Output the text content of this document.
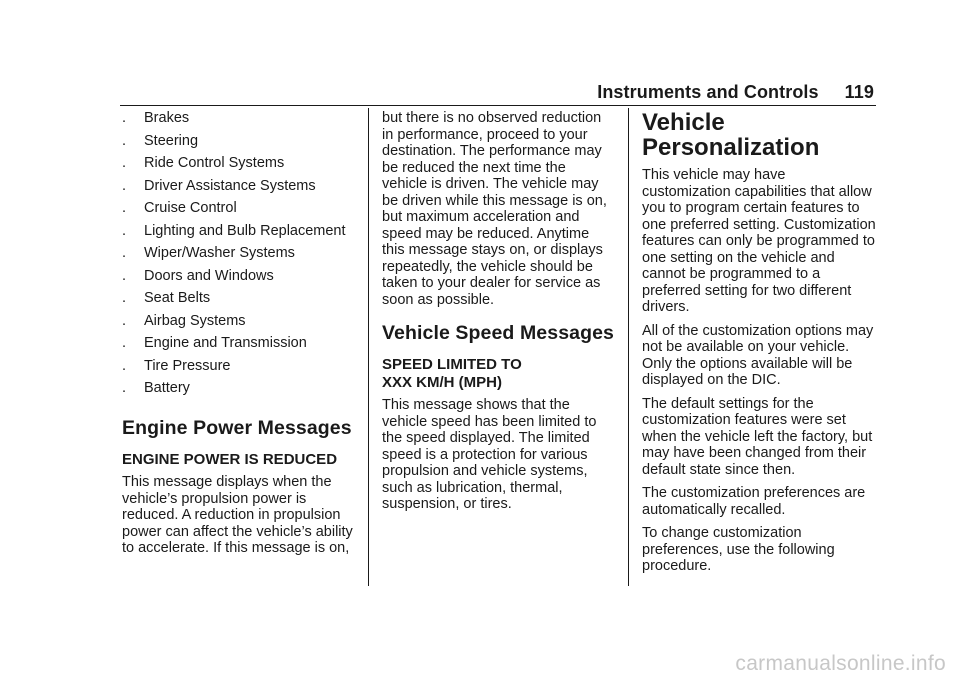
Instruments and Controls 119
. Brakes
. Steering
. Ride Control Systems
. Driver Assistance Systems
. Cruise Control
. Lighting and Bulb Replacement
. Wiper/Washer Systems
. Doors and Windows
. Seat Belts
. Airbag Systems
. Engine and Transmission
. Tire Pressure
. Battery
Engine Power Messages
ENGINE POWER IS REDUCED

This message displays when the vehicle’s propulsion power is reduced. A reduction in propulsion power can affect the vehicle’s ability to accelerate. If this message is on,

but there is no observed reduction in performance, proceed to your destination. The performance may be reduced the next time the vehicle is driven. The vehicle may be driven while this message is on, but maximum acceleration and speed may be reduced. Anytime this message stays on, or displays repeatedly, the vehicle should be taken to your dealer for service as soon as possible.

Vehicle Speed Messages
SPEED LIMITED TO
XXX KM/H (MPH)

This message shows that the vehicle speed has been limited to the speed displayed. The limited speed is a protection for various propulsion and vehicle systems, such as lubrication, thermal, suspension, or tires.

Vehicle
Personalization

This vehicle may have customization capabilities that allow you to program certain features to one preferred setting. Customization features can only be programmed to one setting on the vehicle and cannot be programmed to a preferred setting for two different drivers.

All of the customization options may not be available on your vehicle. Only the options available will be displayed on the DIC.

The default settings for the customization features were set when the vehicle left the factory, but may have been changed from their default state since then.

The customization preferences are automatically recalled.

To change customization preferences, use the following procedure.

carmanualsonline.info
